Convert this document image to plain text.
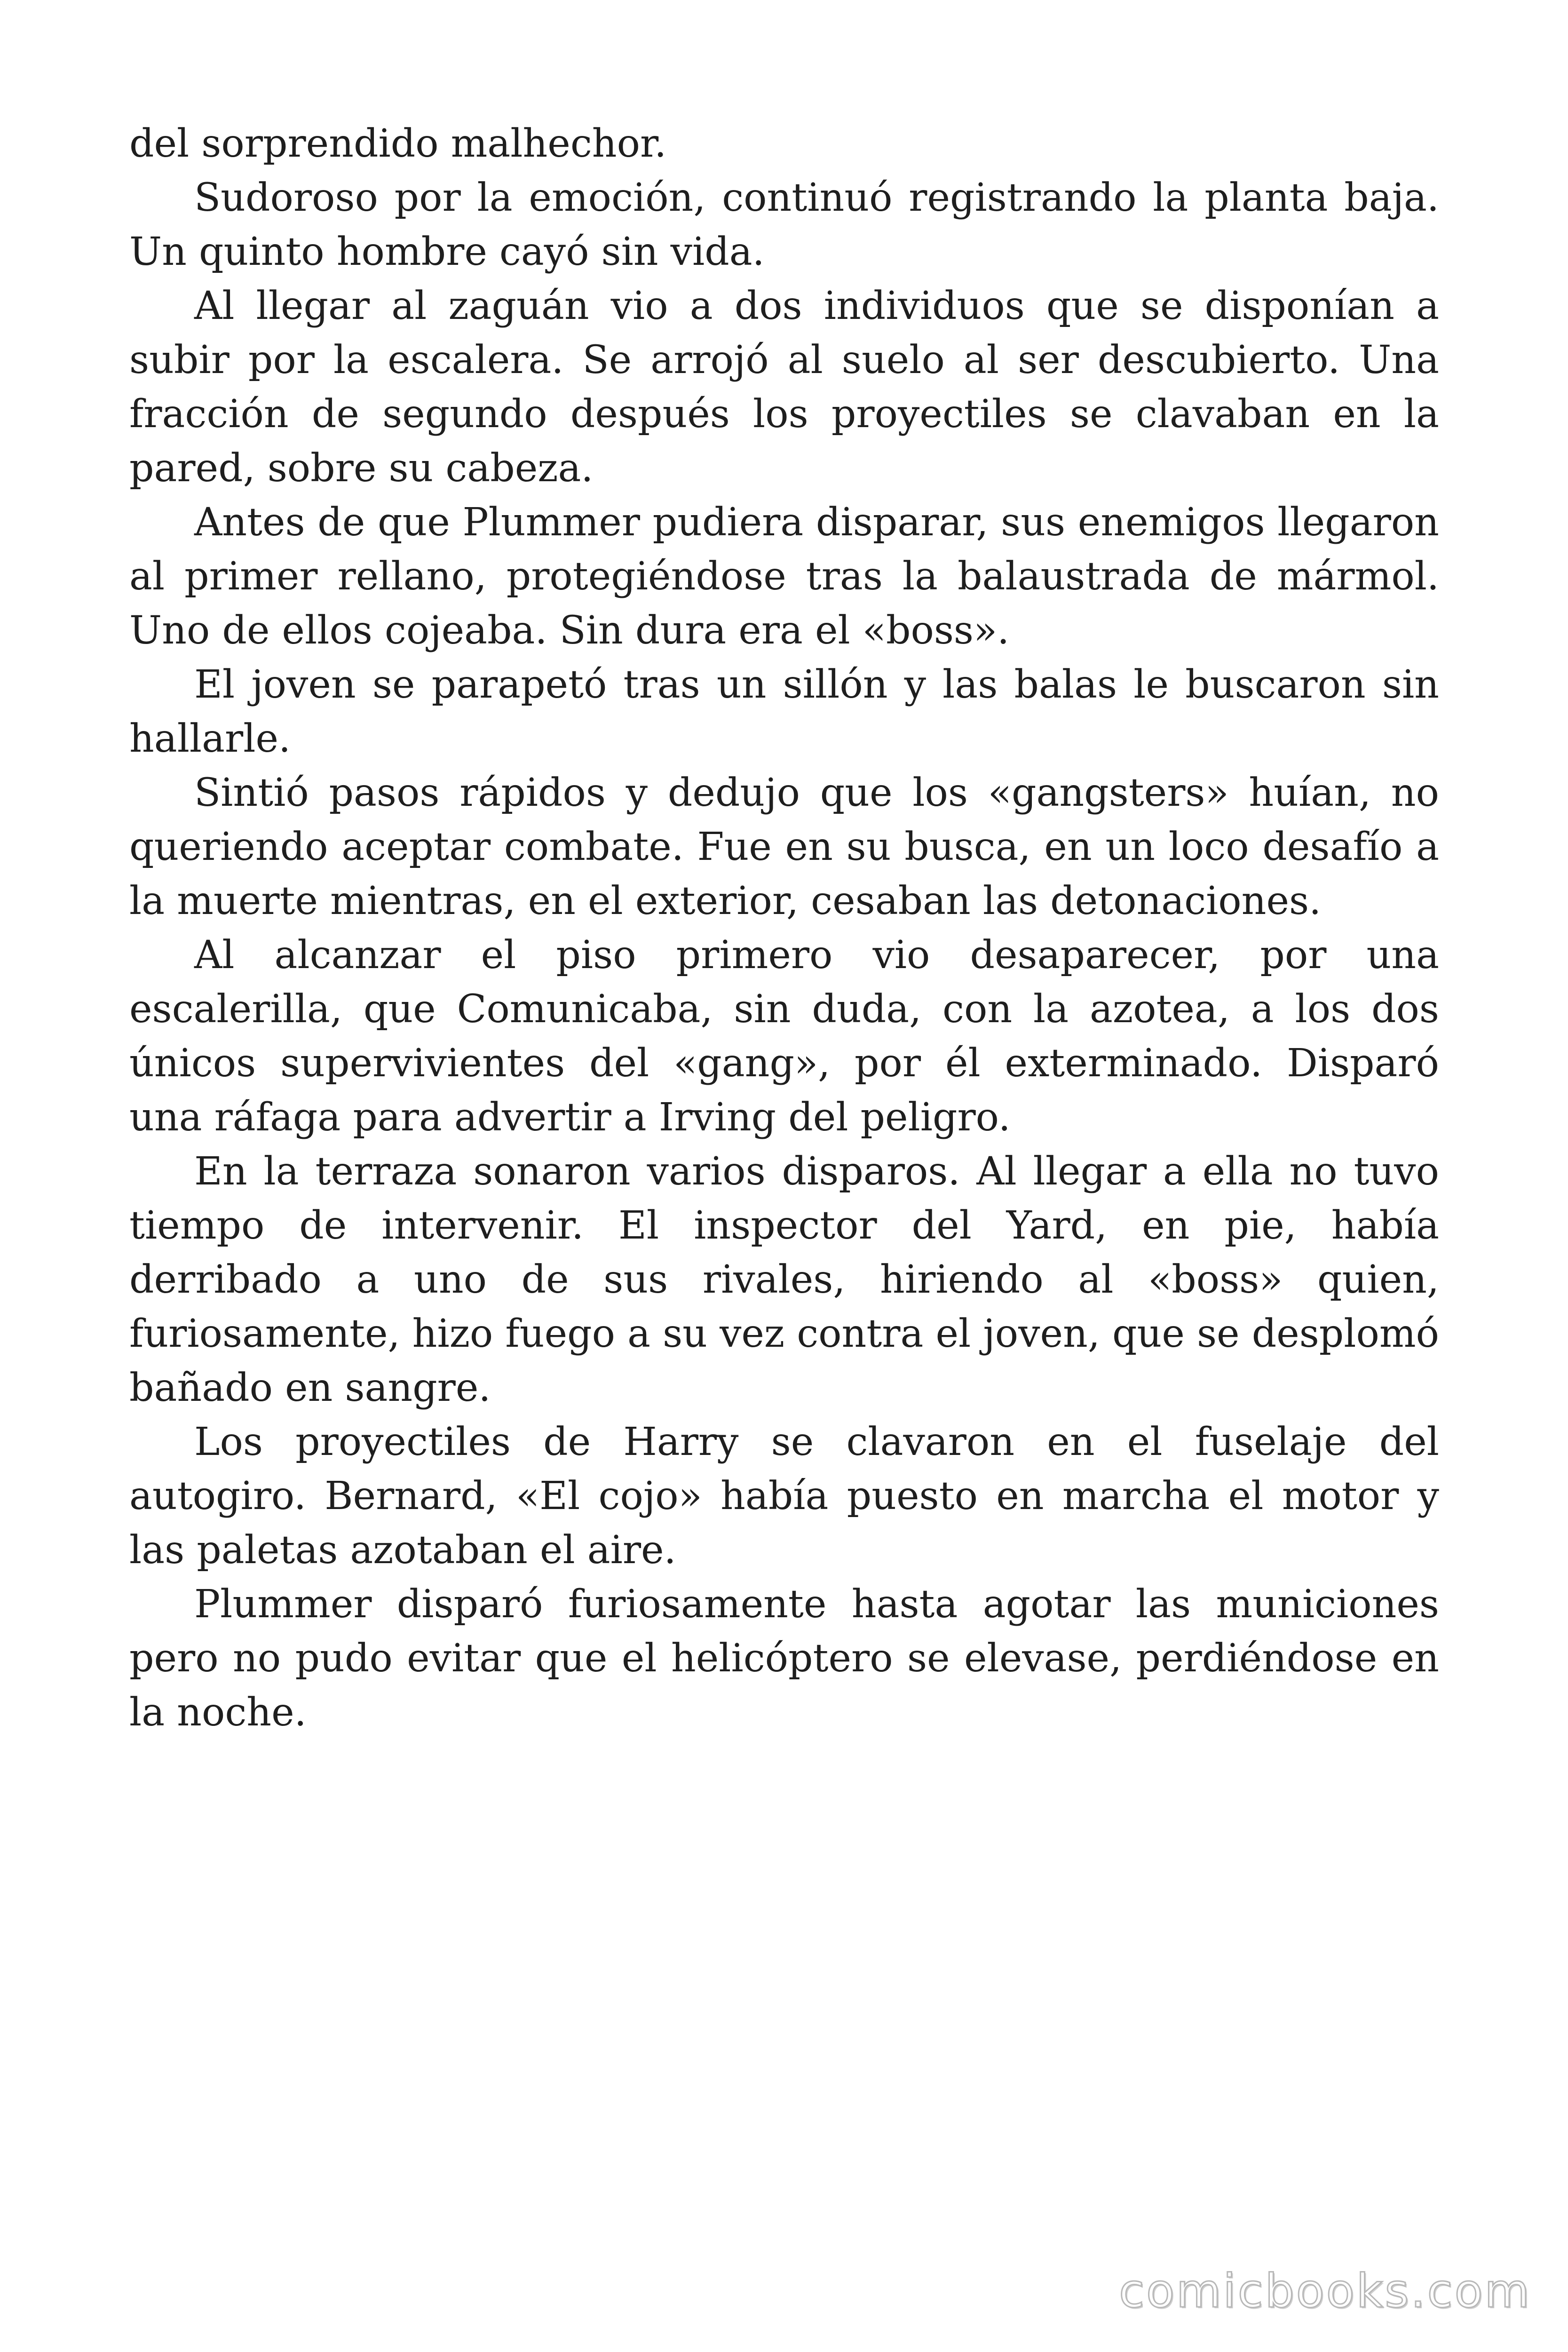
del sorprendido malhechor.

Sudoroso por la emoción, continuó registrando la planta baja. Un quinto hombre cayó sin vida.

Al llegar al zaguán vio a dos individuos que se disponían a subir por la escalera. Se arrojó al suelo al ser descubierto. Una fracción de segundo después los proyectiles se clavaban en la pared, sobre su cabeza.

Antes de que Plummer pudiera disparar, sus enemigos llegaron al primer rellano, protegiéndose tras la balaustrada de mármol. Uno de ellos cojeaba. Sin dura era el «boss».

El joven se parapetó tras un sillón y las balas le buscaron sin hallarle.

Sintió pasos rápidos y dedujo que los «gangsters» huían, no queriendo aceptar combate. Fue en su busca, en un loco desafío a la muerte mientras, en el exterior, cesaban las detonaciones.

Al alcanzar el piso primero vio desaparecer, por una escalerilla, que Comunicaba, sin duda, con la azotea, a los dos únicos supervivientes del «gang», por él exterminado. Disparó una ráfaga para advertir a Irving del peligro.

En la terraza sonaron varios disparos. Al llegar a ella no tuvo tiempo de intervenir. El inspector del Yard, en pie, había derribado a uno de sus rivales, hiriendo al «boss» quien, furiosamente, hizo fuego a su vez contra el joven, que se desplomó bañado en sangre.

Los proyectiles de Harry se clavaron en el fuselaje del autogiro. Bernard, «El cojo» había puesto en marcha el motor y las paletas azotaban el aire.

Plummer disparó furiosamente hasta agotar las municiones pero no pudo evitar que el helicóptero se elevase, perdiéndose en la noche.

comicbooks.com
